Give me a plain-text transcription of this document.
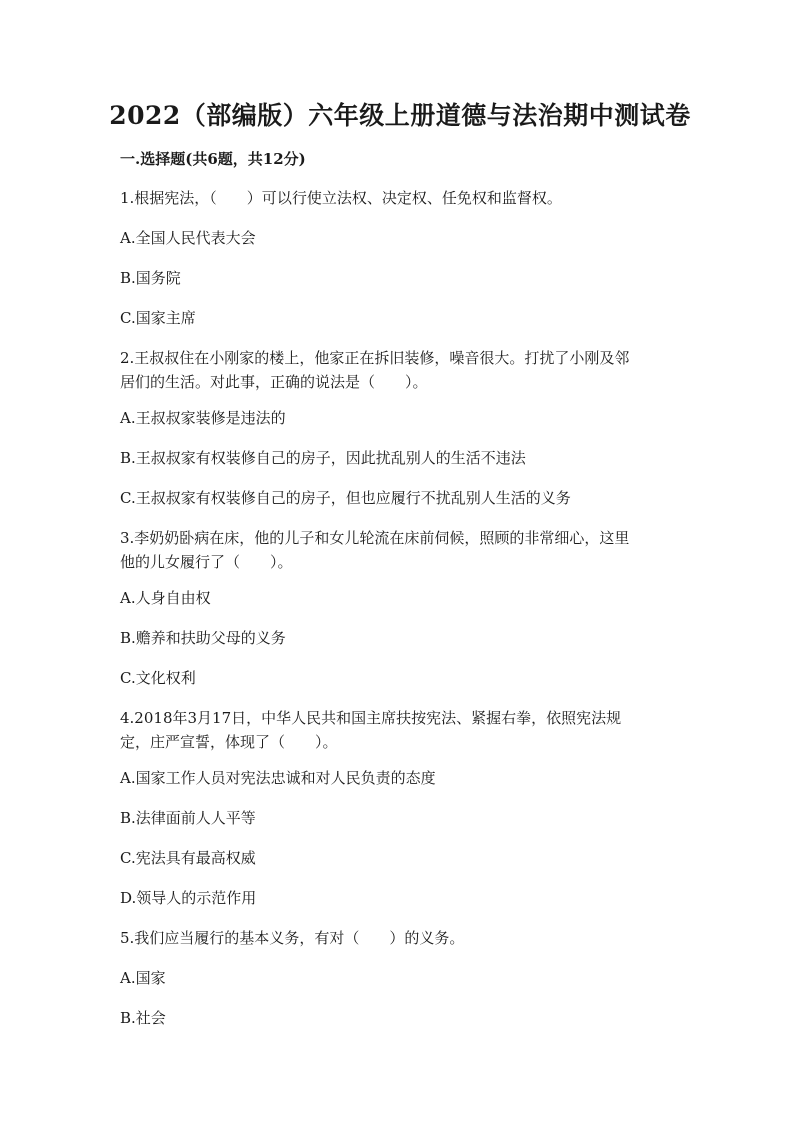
2022（部编版）六年级上册道德与法治期中测试卷
一.选择题(共6题，共12分)

1.根据宪法，（　　）可以行使立法权、决定权、任免权和监督权。

A.全国人民代表大会

B.国务院

C.国家主席

2.王叔叔住在小刚家的楼上，他家正在拆旧装修，噪音很大。打扰了小刚及邻

居们的生活。对此事，正确的说法是（　　）。

A.王叔叔家装修是违法的

B.王叔叔家有权装修自己的房子，因此扰乱别人的生活不违法

C.王叔叔家有权装修自己的房子，但也应履行不扰乱别人生活的义务

3.李奶奶卧病在床，他的儿子和女儿轮流在床前伺候，照顾的非常细心，这里

他的儿女履行了（　　）。

A.人身自由权

B.赡养和扶助父母的义务

C.文化权利

4.2018年3月17日，中华人民共和国主席扶按宪法、紧握右拳，依照宪法规

定，庄严宣誓，体现了（　　）。

A.国家工作人员对宪法忠诚和对人民负责的态度

B.法律面前人人平等

C.宪法具有最高权威

D.领导人的示范作用

5.我们应当履行的基本义务，有对（　　）的义务。

A.国家

B.社会
